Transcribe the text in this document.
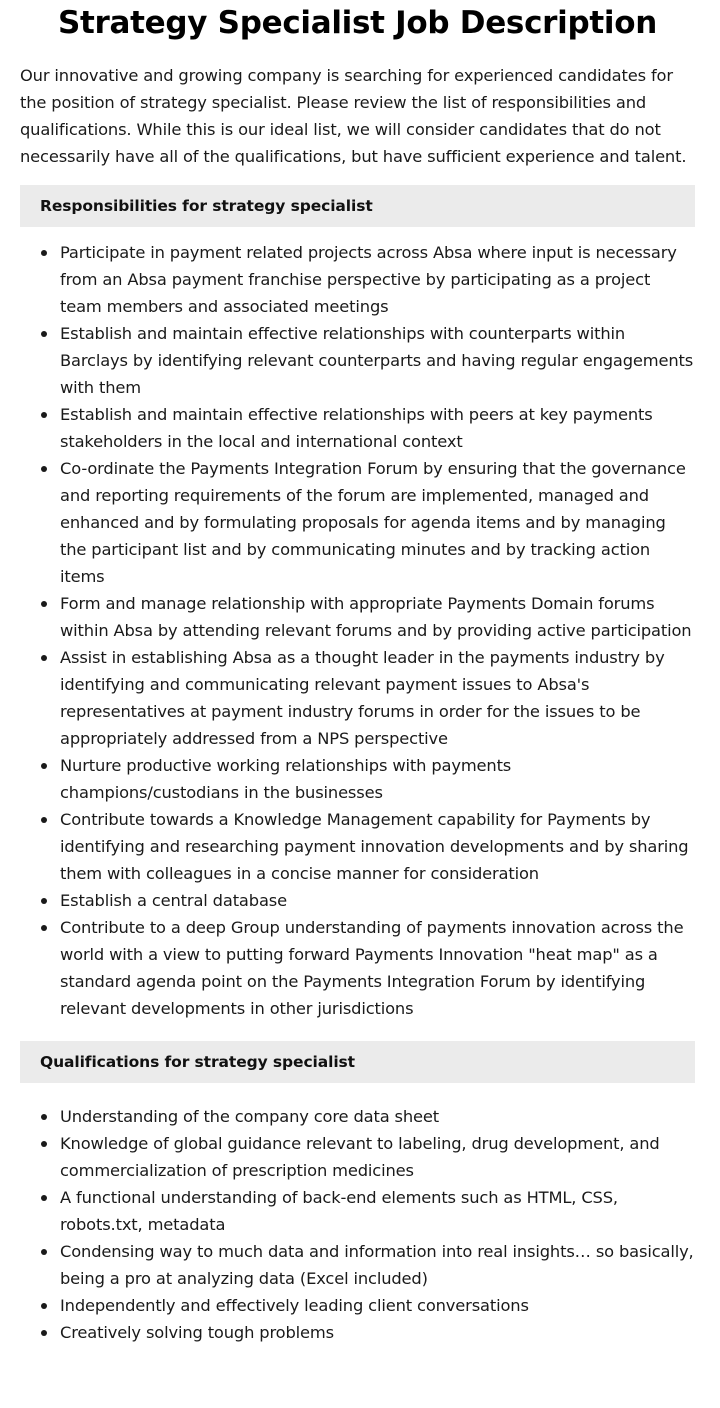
Strategy Specialist Job Description

Our innovative and growing company is searching for experienced candidates for the position of strategy specialist. Please review the list of responsibilities and qualifications. While this is our ideal list, we will consider candidates that do not necessarily have all of the qualifications, but have sufficient experience and talent.

Responsibilities for strategy specialist
Participate in payment related projects across Absa where input is necessary from an Absa payment franchise perspective by participating as a project team members and associated meetings
Establish and maintain effective relationships with counterparts within Barclays by identifying relevant counterparts and having regular engagements with them
Establish and maintain effective relationships with peers at key payments stakeholders in the local and international context
Co-ordinate the Payments Integration Forum by ensuring that the governance and reporting requirements of the forum are implemented, managed and enhanced and by formulating proposals for agenda items and by managing the participant list and by communicating minutes and by tracking action items
Form and manage relationship with appropriate Payments Domain forums within Absa by attending relevant forums and by providing active participation
Assist in establishing Absa as a thought leader in the payments industry by identifying and communicating relevant payment issues to Absa's representatives at payment industry forums in order for the issues to be appropriately addressed from a NPS perspective
Nurture productive working relationships with payments champions/custodians in the businesses
Contribute towards a Knowledge Management capability for Payments by identifying and researching payment innovation developments and by sharing them with colleagues in a concise manner for consideration
Establish a central database
Contribute to a deep Group understanding of payments innovation across the world with a view to putting forward Payments Innovation "heat map" as a standard agenda point on the Payments Integration Forum by identifying relevant developments in other jurisdictions
Qualifications for strategy specialist
Understanding of the company core data sheet
Knowledge of global guidance relevant to labeling, drug development, and commercialization of prescription medicines
A functional understanding of back-end elements such as HTML, CSS, robots.txt, metadata
Condensing way to much data and information into real insights… so basically, being a pro at analyzing data (Excel included)
Independently and effectively leading client conversations
Creatively solving tough problems
